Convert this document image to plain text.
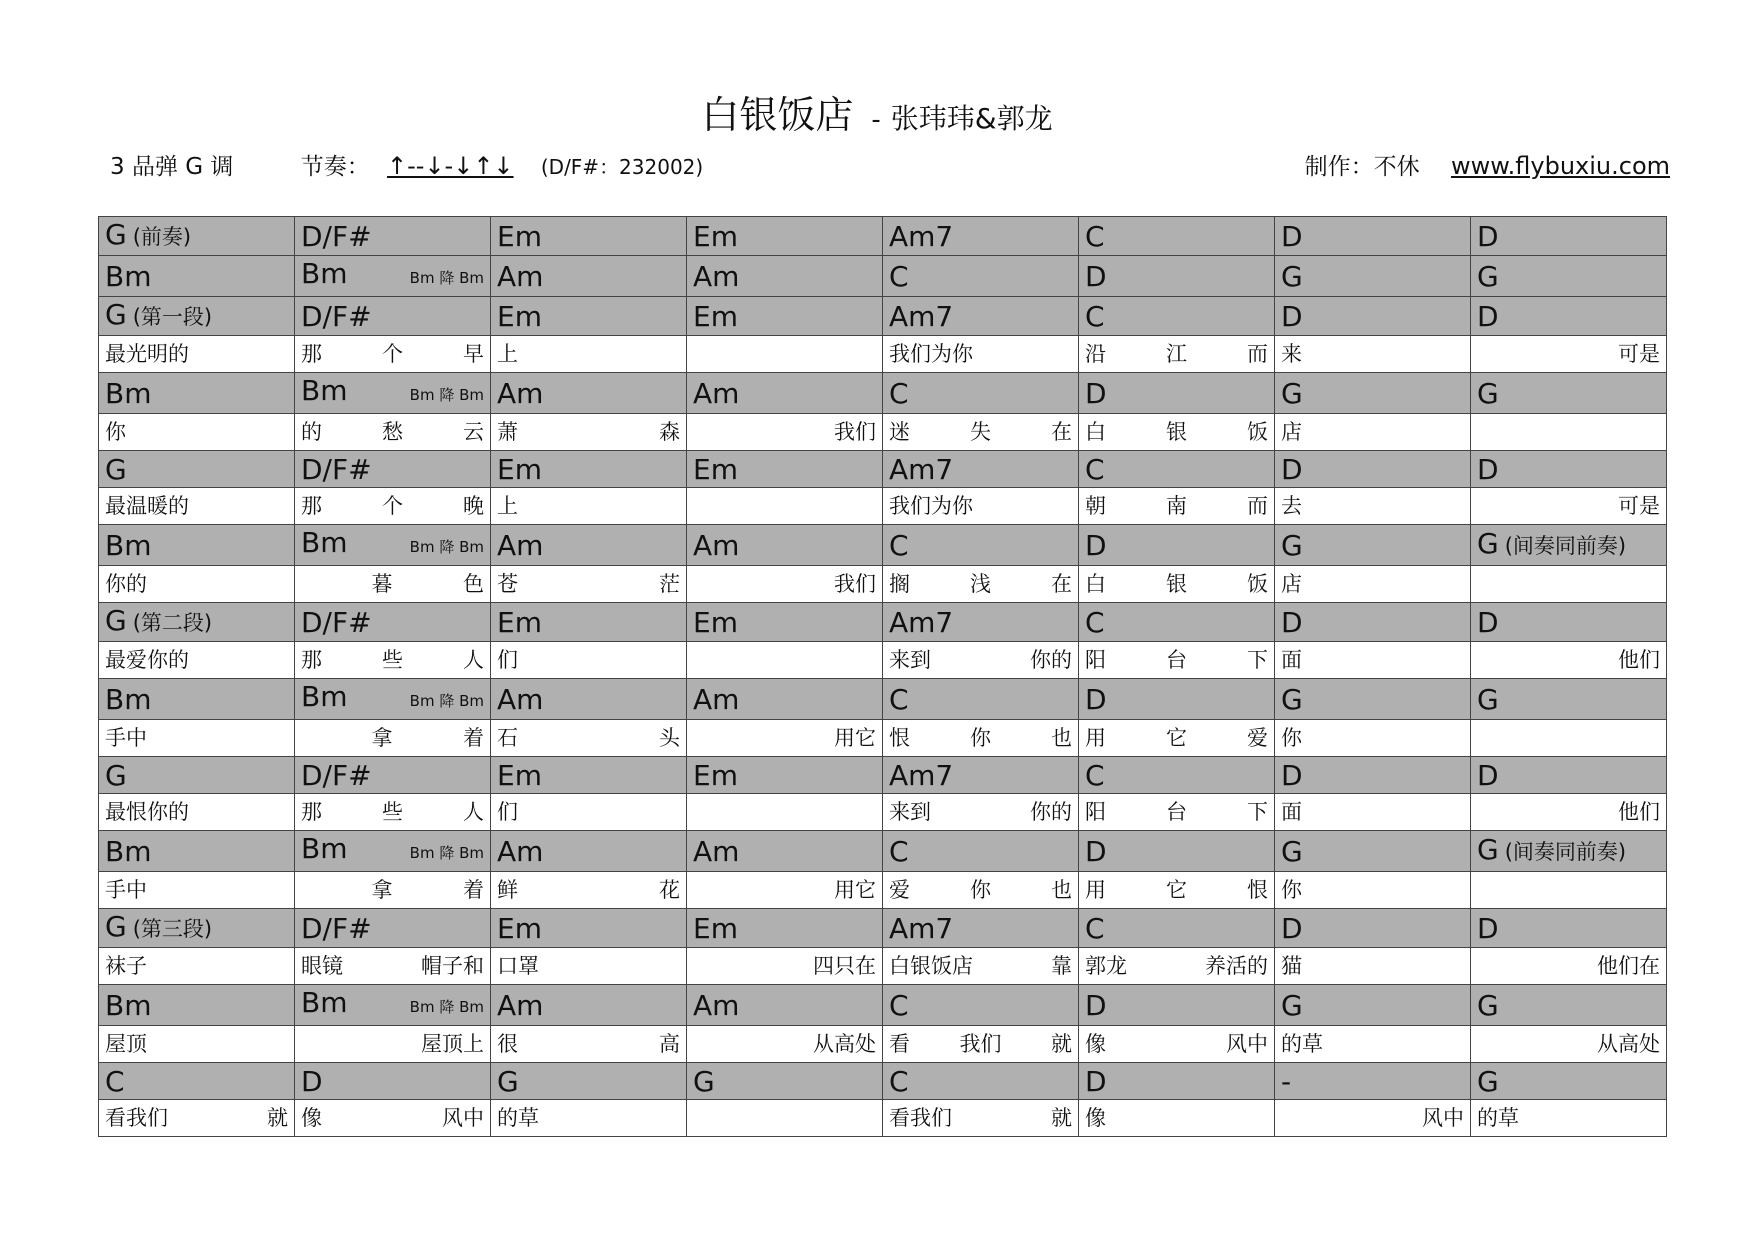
白银饭店 - 张玮玮&郭龙
3 品弹 G 调	节奏： ↑--↓-↓↑↓ (D/F#：232002)	制作：不休 www.flybuxiu.com
G (前奏)	D/F#	Em	Em	Am7	C	D	D

Bm	Bm Bm 降 Bm	Am	Am	C	D	G	G

G (第一段)	D/F#	Em	Em	Am7	C	D	D

最光明的	那 个 早	上		我们为你	沿 江 而	来	可是

Bm	Bm Bm 降 Bm	Am	Am	C	D	G	G

你	的 愁 云	萧 森	我们	迷 失 在	白 银 饭	店	

G	D/F#	Em	Em	Am7	C	D	D

最温暖的	那 个 晚	上		我们为你	朝 南 而	去	可是

Bm	Bm Bm 降 Bm	Am	Am	C	D	G	G (间奏同前奏)

你的	暮 色	苍 茫	我们	搁 浅 在	白 银 饭	店	

G (第二段)	D/F#	Em	Em	Am7	C	D	D

最爱你的	那 些 人	们		来到 你的	阳 台 下	面	他们

Bm	Bm Bm 降 Bm	Am	Am	C	D	G	G

手中	拿 着	石 头	用它	恨 你 也	用 它 爱	你	

G	D/F#	Em	Em	Am7	C	D	D

最恨你的	那 些 人	们		来到 你的	阳 台 下	面	他们

Bm	Bm Bm 降 Bm	Am	Am	C	D	G	G (间奏同前奏)

手中	拿 着	鲜 花	用它	爱 你 也	用 它 恨	你	

G (第三段)	D/F#	Em	Em	Am7	C	D	D

袜子	眼镜 帽子和	口罩	四只在	白银饭店 靠	郭龙 养活的	猫	他们在

Bm	Bm Bm 降 Bm	Am	Am	C	D	G	G

屋顶	屋顶上	很 高	从高处	看 我们 就	像 风中	的草	从高处

C	D	G	G	C	D	-	G

看我们 就	像 风中	的草		看我们 就	像	风中	的草
